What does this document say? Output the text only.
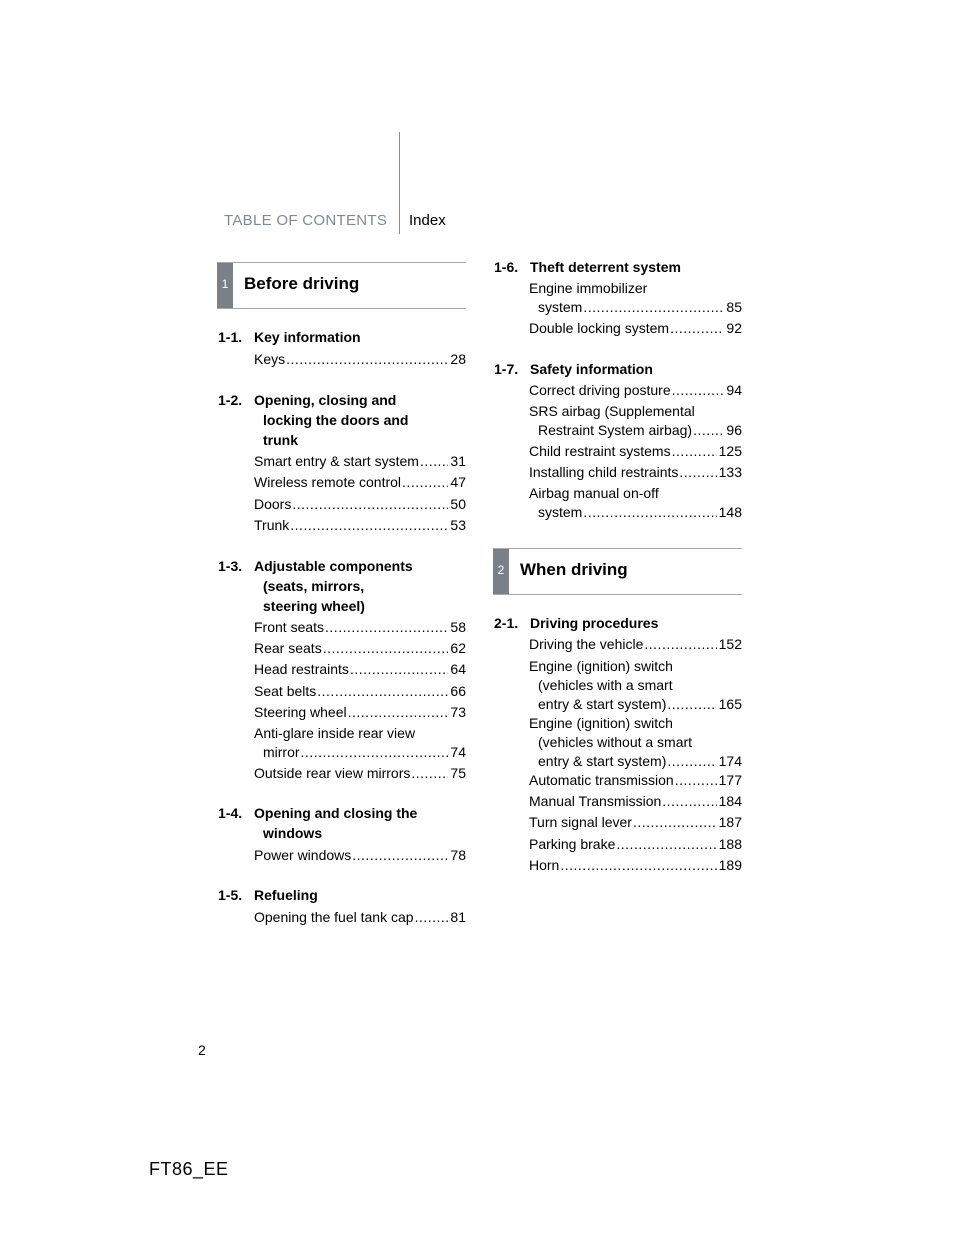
TABLE OF CONTENTS Index
1 Before driving
1-1. Key information
Keys .....	28
1-2. Opening, closing and
locking the doors and
trunk
Smart entry & start system ..... 31
Wireless remote control .....	47
Doors .....	50
Trunk .....	53
1-3. Adjustable components
(seats, mirrors,
steering wheel)
Front seats .....	58
Rear seats .....	62
Head restraints .....	64
Seat belts .....	66
Steering wheel .....	73
Anti-glare inside rear view
mirror .....	74
Outside rear view mirrors .....	75
1-4. Opening and closing the
windows
Power windows .....	78
1-5. Refueling
Opening the fuel tank cap .....	81
1-6. Theft deterrent system
Engine immobilizer
system .....	85
Double locking system .....	92
1-7. Safety information
Correct driving posture .....	94
SRS airbag (Supplemental
Restraint System airbag) ..... 96
Child restraint systems .....	125
Installing child restraints .....	133
Airbag manual on-off
system .....	148
2 When driving
2-1. Driving procedures
Driving the vehicle .....	152
Engine (ignition) switch
(vehicles with a smart
entry & start system) .....	165
Engine (ignition) switch
(vehicles without a smart
entry & start system) .....	174
Automatic transmission .....	177
Manual Transmission .....	184
Turn signal lever .....	187
Parking brake .....	188
Horn .....	189
2
FT86_EE
